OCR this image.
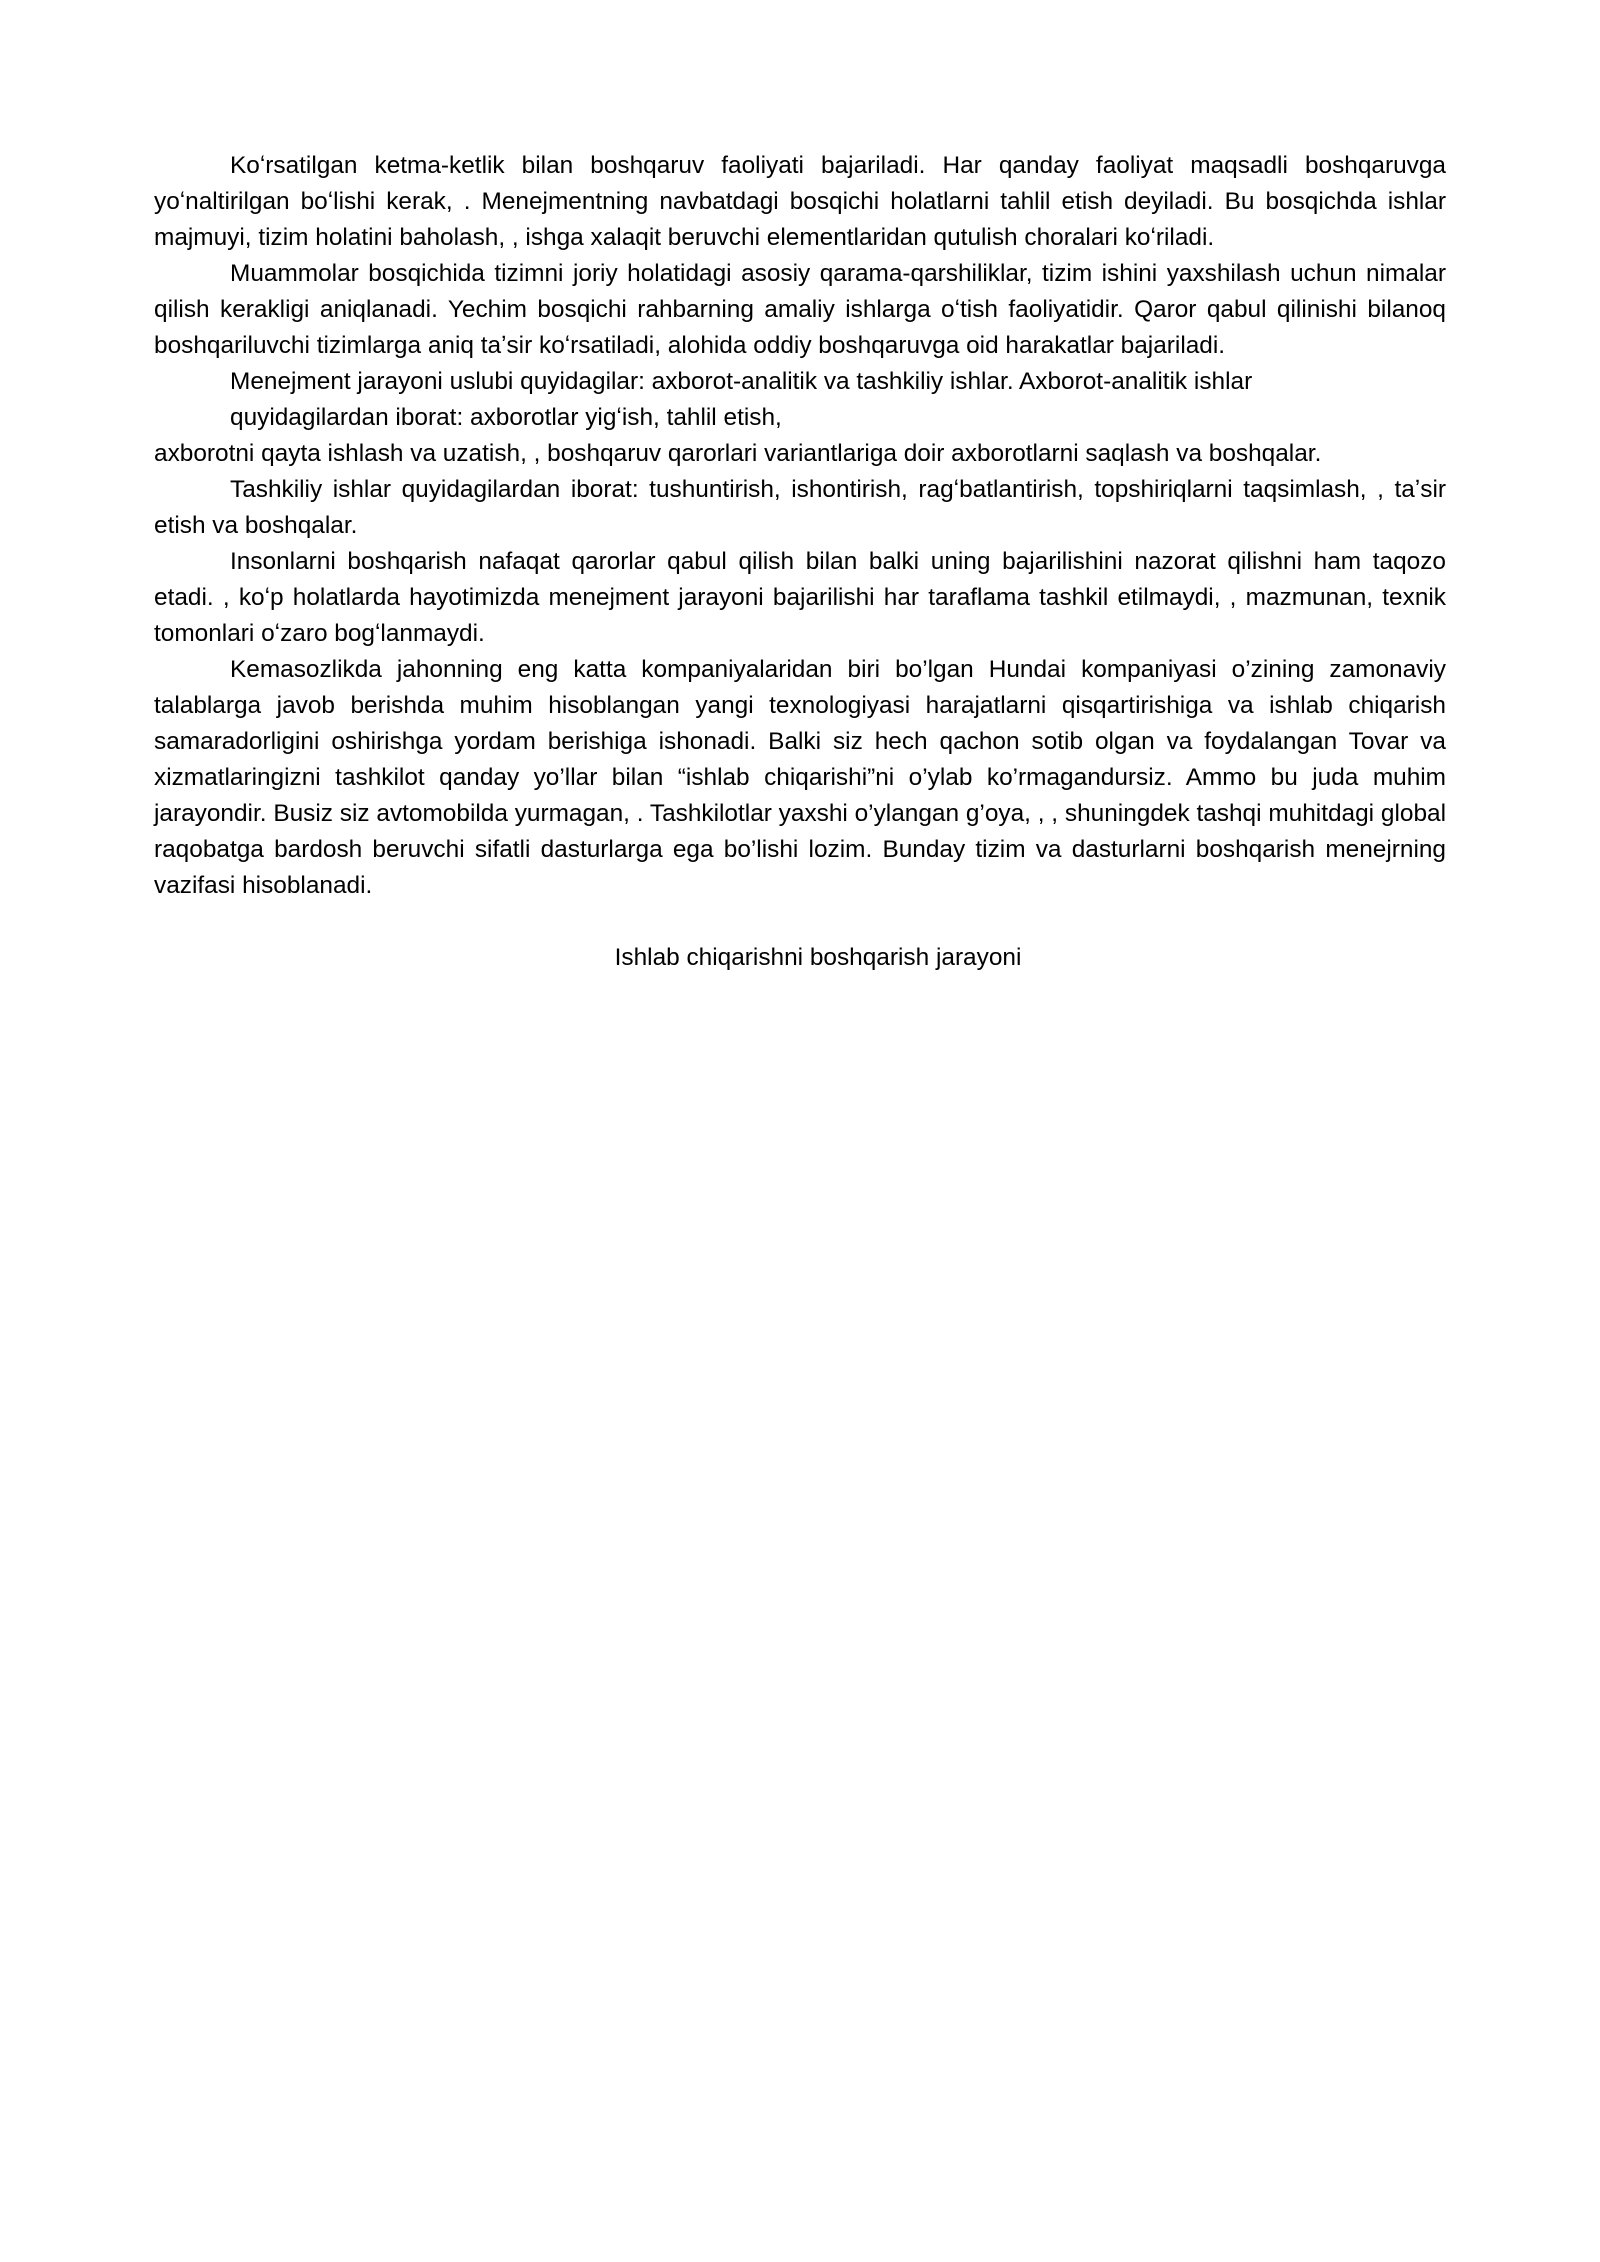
Koʻrsatilgan ketma-ketlik bilan boshqaruv faoliyati bajariladi. Har qanday faoliyat maqsadli boshqaruvga yoʻnaltirilgan boʻlishi kerak, . Menejmentning navbatdagi bosqichi holatlarni tahlil etish deyiladi. Bu bosqichda ishlar majmuyi, tizim holatini baholash, , ishga xalaqit beruvchi elementlaridan qutulish choralari koʻriladi.

Muammolar bosqichida tizimni joriy holatidagi asosiy qarama-qarshiliklar, tizim ishini yaxshilash uchun nimalar qilish kerakligi aniqlanadi. Yechim bosqichi rahbarning amaliy ishlarga oʻtish faoliyatidir. Qaror qabul qilinishi bilanoq boshqariluvchi tizimlarga aniq taʼsir koʻrsatiladi, alohida oddiy boshqaruvga oid harakatlar bajariladi.

Menejment jarayoni uslubi quyidagilar: axborot-analitik va tashkiliy ishlar. Axborot-analitik ishlar

quyidagilardan iborat: axborotlar yigʻish, tahlil etish,

axborotni qayta ishlash va uzatish, , boshqaruv qarorlari variantlariga doir axborotlarni saqlash va boshqalar.

Tashkiliy ishlar quyidagilardan iborat: tushuntirish, ishontirish, ragʻbatlantirish, topshiriqlarni taqsimlash, , taʼsir etish va boshqalar.

Insonlarni boshqarish nafaqat qarorlar qabul qilish bilan balki uning bajarilishini nazorat qilishni ham taqozo etadi. , koʻp holatlarda hayotimizda menejment jarayoni bajarilishi har taraflama tashkil etilmaydi, , mazmunan, texnik tomonlari oʻzaro bogʻlanmaydi.

Kemasozlikda jahonning eng katta kompaniyalaridan biri bo’lgan Hundai kompaniyasi o’zining zamonaviy talablarga javob berishda muhim hisoblangan yangi texnologiyasi harajatlarni qisqartirishiga va ishlab chiqarish samaradorligini oshirishga yordam berishiga ishonadi. Balki siz hech qachon sotib olgan va foydalangan Tovar va xizmatlaringizni tashkilot qanday yo’llar bilan “ishlab chiqarishi”ni o’ylab ko’rmagandursiz. Ammo bu juda muhim jarayondir. Busiz siz avtomobilda yurmagan, . Tashkilotlar yaxshi o’ylangan g’oya, , , shuningdek tashqi muhitdagi global raqobatga bardosh beruvchi sifatli dasturlarga ega bo’lishi lozim. Bunday tizim va dasturlarni boshqarish menejrning vazifasi hisoblanadi.

Ishlab chiqarishni boshqarish jarayoni
